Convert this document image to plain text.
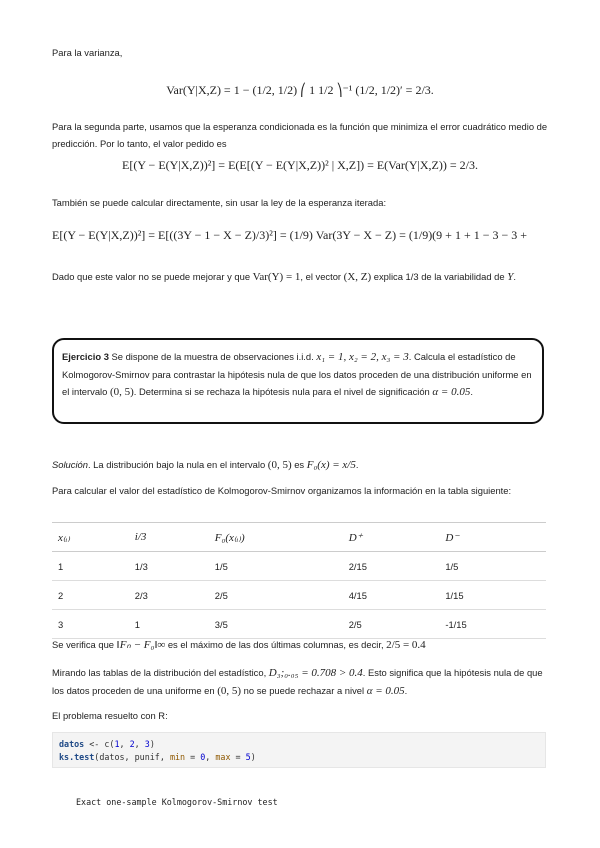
Para la varianza,
Var(Y|X,Z) = 1 − (1/2, 1/2) ⎛ 1 1/2 ⎞⁻¹ (1/2, 1/2)′ = 2/3.
Para la segunda parte, usamos que la esperanza condicionada es la función que minimiza el error cuadrático medio de predicción. Por lo tanto, el valor pedido es
E[(Y − E(Y|X,Z))²] = E(E[(Y − E(Y|X,Z))² | X,Z]) = E(Var(Y|X,Z)) = 2/3.
También se puede calcular directamente, sin usar la ley de la esperanza iterada:
E[(Y − E(Y|X,Z))²] = E[((3Y − 1 − X − Z)/3)²] = (1/9) Var(3Y − X − Z) = (1/9)(9 + 1 + 1 − 3 − 3 +
Dado que este valor no se puede mejorar y que Var(Y) = 1, el vector (X, Z) explica 1/3 de la variabilidad de Y.
Ejercicio 3 Se dispone de la muestra de observaciones i.i.d. x₁ = 1, x₂ = 2, x₃ = 3. Calcula el estadístico de Kolmogorov-Smirnov para contrastar la hipótesis nula de que los datos proceden de una distribución uniforme en el intervalo (0, 5). Determina si se rechaza la hipótesis nula para el nivel de significación α = 0.05.
Solución. La distribución bajo la nula en el intervalo (0, 5) es F₀(x) = x/5.
Para calcular el valor del estadístico de Kolmogorov-Smirnov organizamos la información en la tabla siguiente:
x₍ᵢ₎	i/3	F₀(x₍ᵢ₎)	D⁺	D⁻
1	1/3	1/5	2/15	1/5
2	2/3	2/5	4/15	1/15
3	1	3/5	2/5	-1/15
Se verifica que ‖Fₙ − F₀‖∞ es el máximo de las dos últimas columnas, es decir, 2/5 = 0.4
Mirando las tablas de la distribución del estadístico, D₃;₀.₀₅ = 0.708 > 0.4. Esto significa que la hipótesis nula de que los datos proceden de una uniforme en (0, 5) no se puede rechazar a nivel α = 0.05.
El problema resuelto con R:
datos <- c(1, 2, 3)
ks.test(datos, punif, min = 0, max = 5)
Exact one-sample Kolmogorov-Smirnov test
